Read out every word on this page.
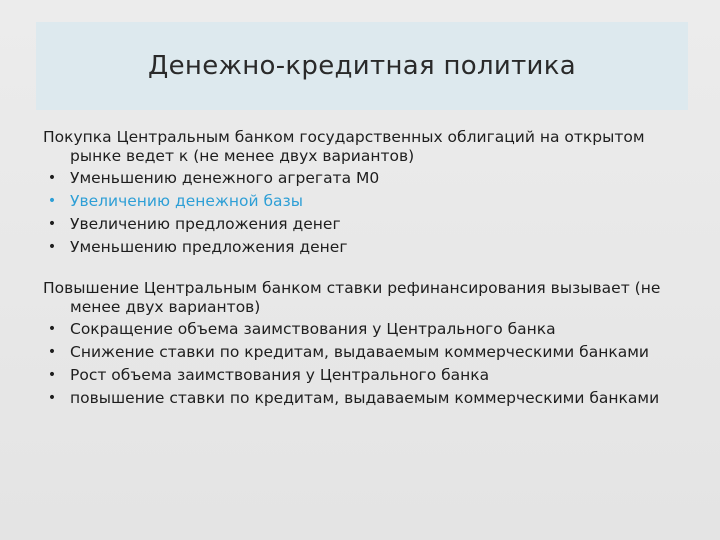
Денежно-кредитная политика
Покупка Центральным банком государственных облигаций на открытом рынке ведет к (не менее двух вариантов)
• Уменьшению денежного агрегата М0
• Увеличению денежной базы
• Увеличению предложения денег
• Уменьшению предложения денег
Повышение Центральным банком ставки рефинансирования вызывает (не менее двух вариантов)
• Сокращение объема заимствования у Центрального банка
• Снижение ставки по кредитам, выдаваемым коммерческими банками
• Рост объема заимствования у Центрального банка
• повышение ставки по кредитам, выдаваемым коммерческими банками
